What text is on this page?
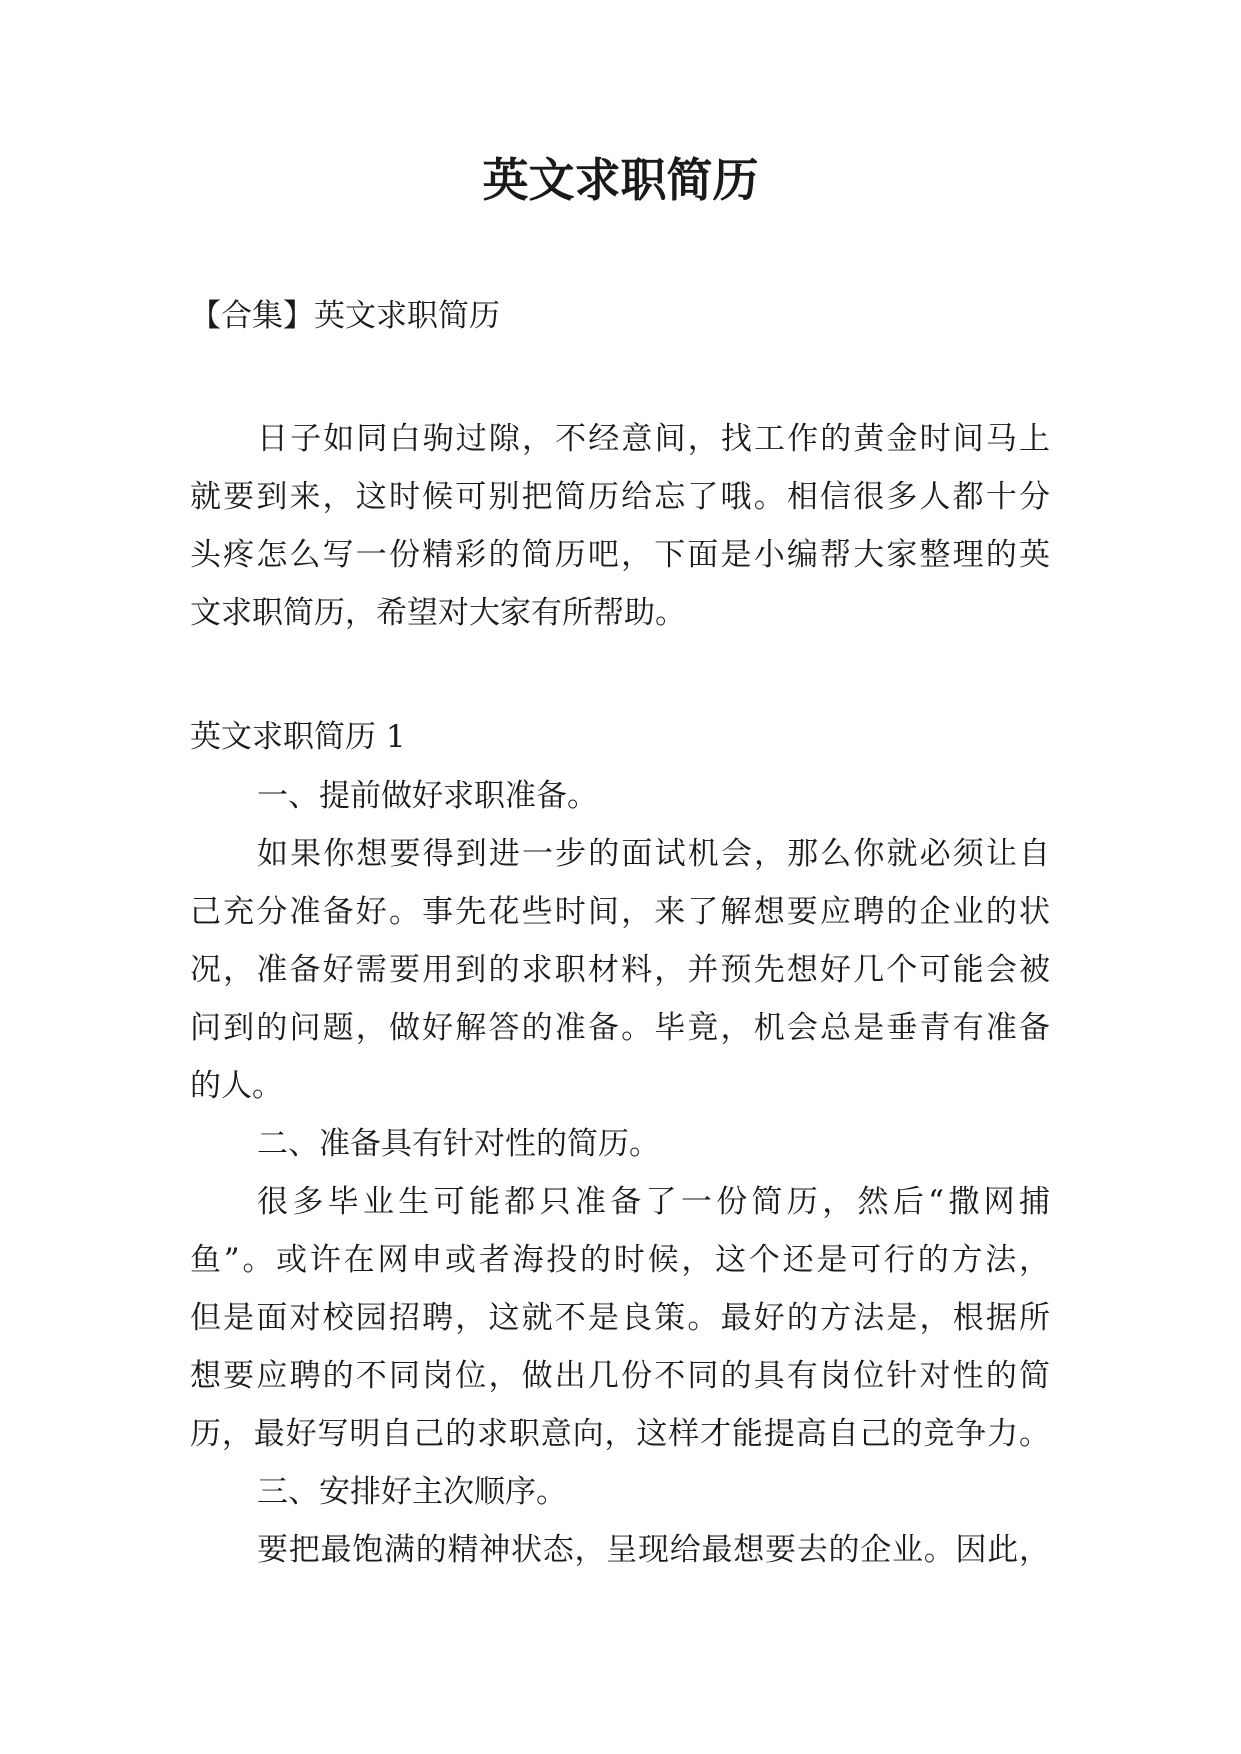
英文求职简历

【合集】英文求职简历

日子如同白驹过隙，不经意间，找工作的黄金时间马上

就要到来，这时候可别把简历给忘了哦。相信很多人都十分

头疼怎么写一份精彩的简历吧，下面是小编帮大家整理的英

文求职简历，希望对大家有所帮助。

英文求职简历 1

一、提前做好求职准备。

如果你想要得到进一步的面试机会，那么你就必须让自

己充分准备好。事先花些时间，来了解想要应聘的企业的状

况，准备好需要用到的求职材料，并预先想好几个可能会被

问到的问题，做好解答的准备。毕竟，机会总是垂青有准备

的人。

二、准备具有针对性的简历。

很多毕业生可能都只准备了一份简历，然后“撒网捕

鱼”。或许在网申或者海投的时候，这个还是可行的方法，

但是面对校园招聘，这就不是良策。最好的方法是，根据所

想要应聘的不同岗位，做出几份不同的具有岗位针对性的简

历，最好写明自己的求职意向，这样才能提高自己的竞争力。

三、安排好主次顺序。

要把最饱满的精神状态，呈现给最想要去的企业。因此，
